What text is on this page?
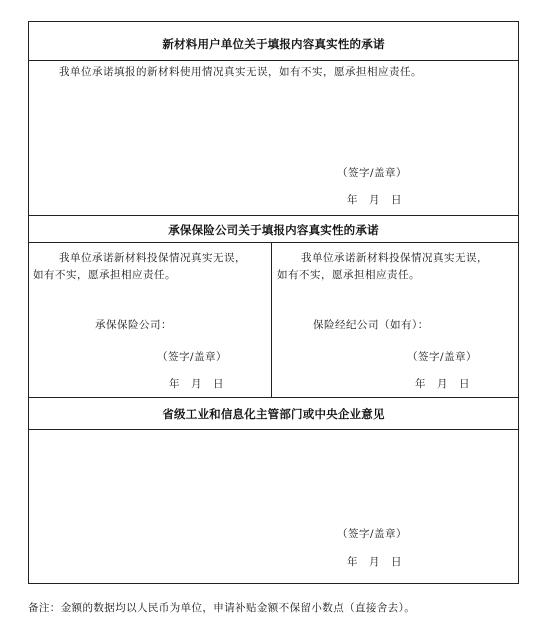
新材料用户单位关于填报内容真实性的承诺
我单位承诺填报的新材料使用情况真实无误，如有不实，愿承担相应责任。
（签字/盖章）
年　月　日
承保保险公司关于填报内容真实性的承诺
我单位承诺新材料投保情况真实无误，
如有不实，愿承担相应责任。
承保保险公司：
（签字/盖章）
年　月　日
我单位承诺新材料投保情况真实无误，
如有不实，愿承担相应责任。
保险经纪公司（如有）：
（签字/盖章）
年　月　日
省级工业和信息化主管部门或中央企业意见
（签字/盖章）
年　月　日
备注：金额的数据均以人民币为单位，申请补贴金额不保留小数点（直接舍去）。
